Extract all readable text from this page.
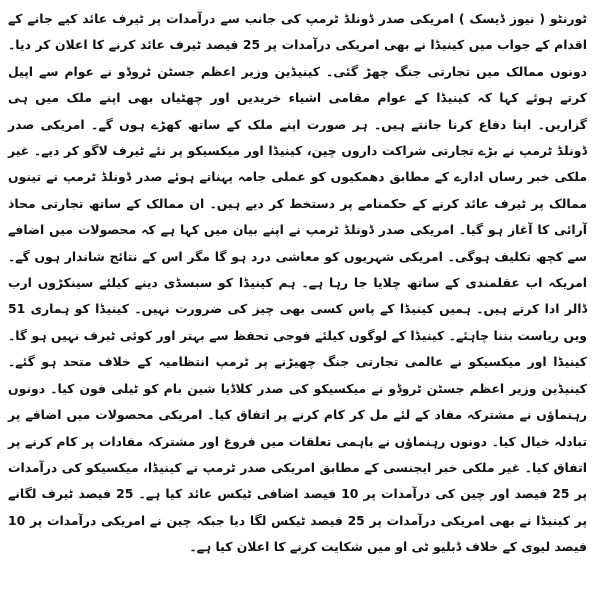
ٹورنٹو ( نیوز ڈیسک ) امریکی صدر ڈونلڈ ٹرمپ کی جانب سے درآمدات پر ٹیرف عائد کیے جانے کے اقدام کے جواب میں کینیڈا نے بھی امریکی درآمدات پر 25 فیصد ٹیرف عائد کرنے کا اعلان کر دیا۔ دونوں ممالک میں تجارتی جنگ چھڑ گئی۔ کینیڈین وزیر اعظم جسٹن ٹروڈو نے عوام سے اپیل کرتے ہوئے کہا کہ کینیڈا کے عوام مقامی اشیاء خریدیں اور چھٹیاں بھی اپنے ملک میں ہی گزاریں۔ اپنا دفاع کرنا جانتے ہیں۔ ہر صورت اپنے ملک کے ساتھ کھڑے ہوں گے۔ امریکی صدر ڈونلڈ ٹرمپ نے بڑے تجارتی شراکت داروں چین، کینیڈا اور میکسیکو پر نئے ٹیرف لاگو کر دیے۔ غیر ملکی خبر رساں ادارے کے مطابق دھمکیوں کو عملی جامہ پہناتے ہوئے صدر ڈونلڈ ٹرمپ نے تینوں ممالک پر ٹیرف عائد کرنے کے حکمنامے پر دستخط کر دیے ہیں۔ ان ممالک کے ساتھ تجارتی محاذ آرائی کا آغاز ہو گیا۔ امریکی صدر ڈونلڈ ٹرمپ نے اپنے بیان میں کہا ہے کہ محصولات میں اضافے سے کچھ تکلیف ہوگی۔ امریکی شہریوں کو معاشی درد ہو گا مگر اس کے نتائج شاندار ہوں گے۔ امریکہ اب عقلمندی کے ساتھ چلایا جا رہا ہے۔ ہم کینیڈا کو سبسڈی دینے کیلئے سینکڑوں ارب ڈالر ادا کرتے ہیں۔ ہمیں کینیڈا کے پاس کسی بھی چیز کی ضرورت نہیں۔ کینیڈا کو ہماری 51 ویں ریاست بننا چاہئے۔ کینیڈا کے لوگوں کیلئے فوجی تحفظ سے بہتر اور کوئی ٹیرف نہیں ہو گا۔ کینیڈا اور میکسیکو نے عالمی تجارتی جنگ چھیڑنے پر ٹرمپ انتظامیہ کے خلاف متحد ہو گئے۔ کینیڈین وزیر اعظم جسٹن ٹروڈو نے میکسیکو کی صدر کلاڈیا شین بام کو ٹیلی فون کیا۔ دونوں رہنماؤں نے مشترکہ مفاد کے لئے مل کر کام کرنے پر اتفاق کیا۔ امریکی محصولات میں اضافے پر تبادلہ خیال کیا۔ دونوں رہنماؤں نے باہمی تعلقات میں فروغ اور مشترکہ مفادات پر کام کرنے پر اتفاق کیا۔ غیر ملکی خبر ایجنسی کے مطابق امریکی صدر ٹرمپ نے کینیڈا، میکسیکو کی درآمدات پر 25 فیصد اور چین کی درآمدات پر 10 فیصد اضافی ٹیکس عائد کیا ہے۔ 25 فیصد ٹیرف لگانے پر کینیڈا نے بھی امریکی درآمدات پر 25 فیصد ٹیکس لگا دیا جبکہ چین نے امریکی درآمدات پر 10 فیصد لیوی کے خلاف ڈبلیو ٹی او میں شکایت کرنے کا اعلان کیا ہے۔
